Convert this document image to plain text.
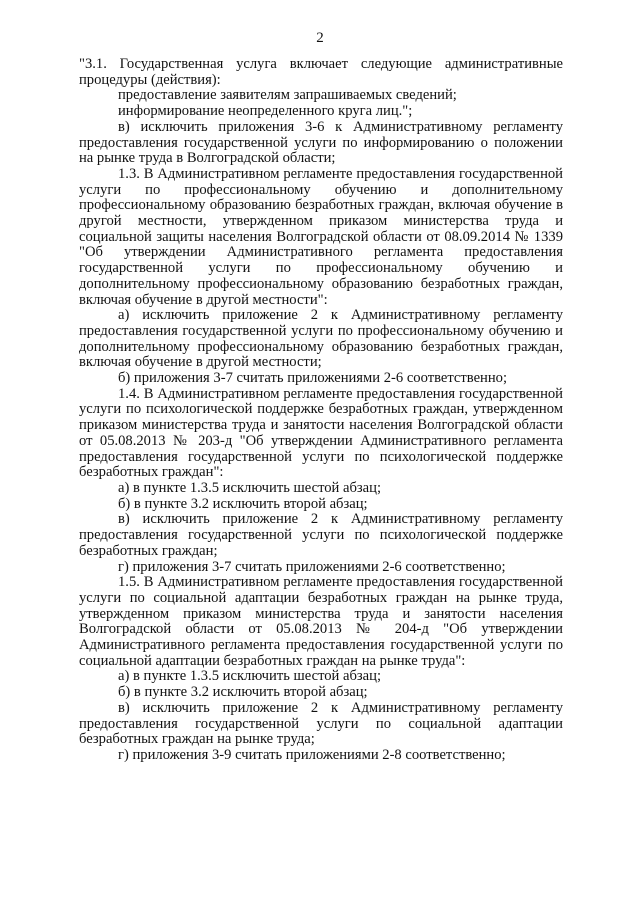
2

"3.1. Государственная услуга включает следующие административные процедуры (действия):

предоставление заявителям запрашиваемых сведений;

информирование неопределенного круга лиц.";

в) исключить приложения 3-6 к Административному регламенту предоставления государственной услуги по информированию о положении на рынке труда в Волгоградской области;

1.3. В Административном регламенте предоставления государственной услуги по профессиональному обучению и дополнительному профессиональному образованию безработных граждан, включая обучение в другой местности, утвержденном приказом министерства труда и социальной защиты населения Волгоградской области от 08.09.2014 № 1339 "Об утверждении Административного регламента предоставления государственной услуги по профессиональному обучению и дополнительному профессиональному образованию безработных граждан, включая обучение в другой местности":

а) исключить приложение 2 к Административному регламенту предоставления государственной услуги по профессиональному обучению и дополнительному профессиональному образованию безработных граждан, включая обучение в другой местности;

б) приложения 3-7 считать приложениями 2-6 соответственно;

1.4. В Административном регламенте предоставления государственной услуги по психологической поддержке безработных граждан, утвержденном приказом министерства труда и занятости населения Волгоградской области от 05.08.2013 № 203-д "Об утверждении Административного регламента предоставления государственной услуги по психологической поддержке безработных граждан":

а) в пункте 1.3.5 исключить шестой абзац;

б) в пункте 3.2 исключить второй абзац;

в) исключить приложение 2 к Административному регламенту предоставления государственной услуги по психологической поддержке безработных граждан;

г) приложения 3-7 считать приложениями 2-6 соответственно;

1.5. В Административном регламенте предоставления государственной услуги по социальной адаптации безработных граждан на рынке труда, утвержденном приказом министерства труда и занятости населения Волгоградской области от 05.08.2013 № 204-д "Об утверждении Административного регламента предоставления государственной услуги по социальной адаптации безработных граждан на рынке труда":

а) в пункте 1.3.5 исключить шестой абзац;

б) в пункте 3.2 исключить второй абзац;

в) исключить приложение 2 к Административному регламенту предоставления государственной услуги по социальной адаптации безработных граждан на рынке труда;

г) приложения 3-9 считать приложениями 2-8 соответственно;
